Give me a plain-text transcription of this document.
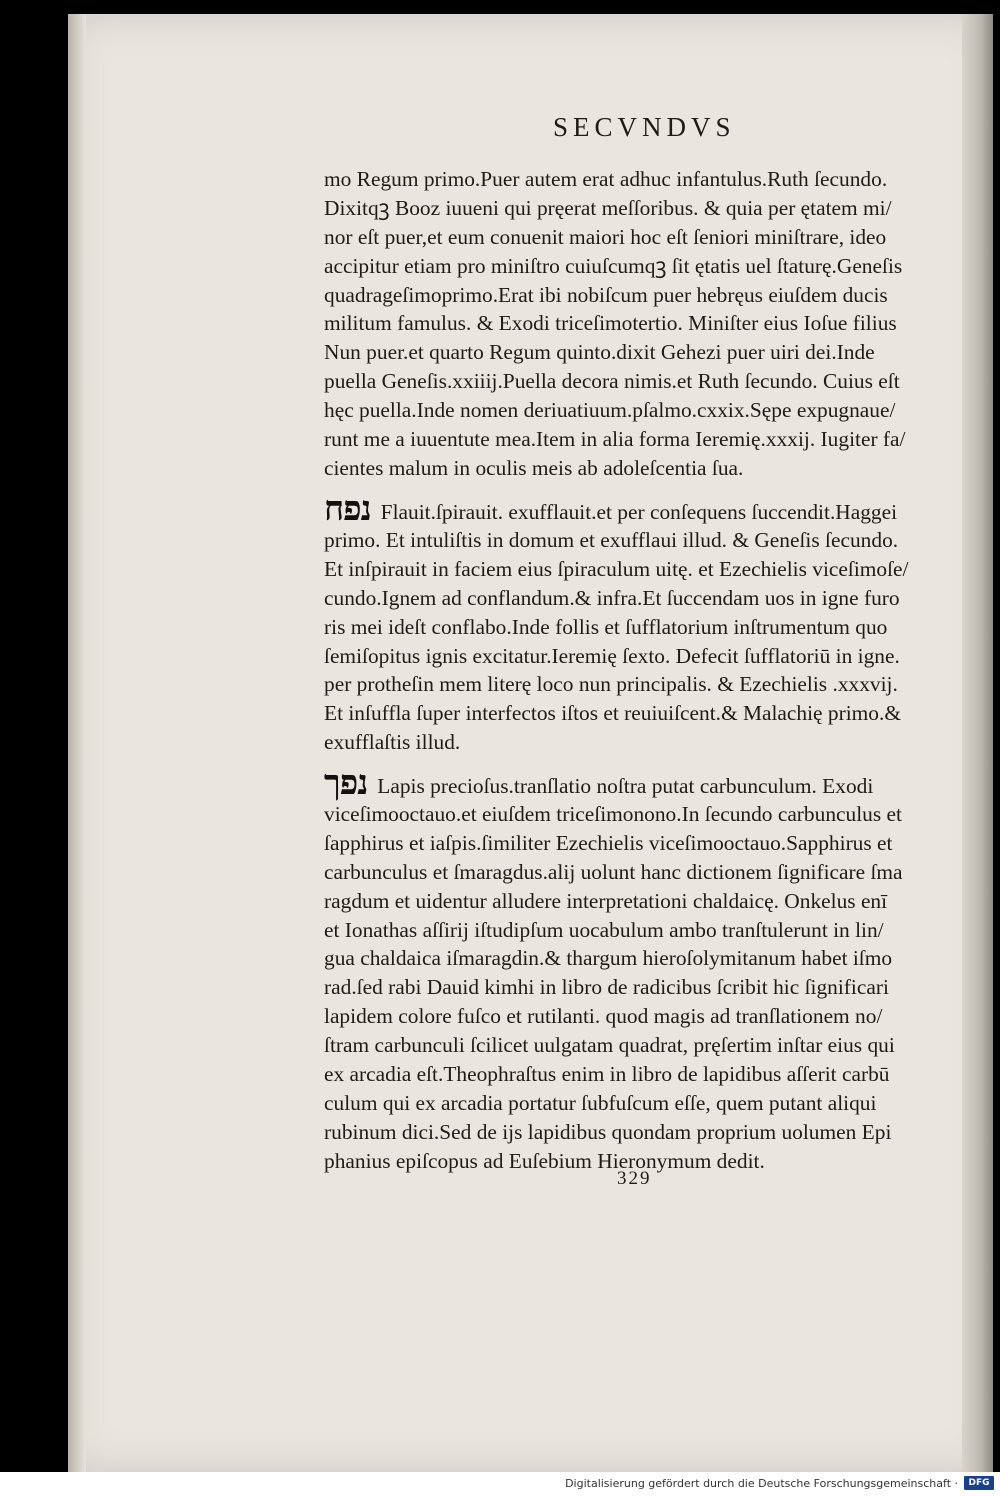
SECVNDVS
mo Regum primo.Puer autem erat adhuc infantulus.Ruth ſecundo.
Dixitqꝫ Booz iuueni qui pręerat meſſoribus. & quia per ętatem mi/
nor eſt puer,et eum conuenit maiori hoc eſt ſeniori miniſtrare, ideo
accipitur etiam pro miniſtro cuiuſcumqꝫ ſit ętatis uel ſtaturę.Geneſis
quadrageſimoprimo.Erat ibi nobiſcum puer hebręus eiuſdem ducis
militum famulus. & Exodi triceſimotertio. Miniſter eius Ioſue filius
Nun puer.et quarto Regum quinto.dixit Gehezi puer uiri dei.Inde
puella Geneſis.xxiiij.Puella decora nimis.et Ruth ſecundo. Cuius eſt
hęc puella.Inde nomen deriuatiuum.pſalmo.cxxix.Sępe expugnaue/
runt me a iuuentute mea.Item in alia forma Ieremię.xxxij. Iugiter fa/
cientes malum in oculis meis ab adoleſcentia ſua.
נפח Flauit.ſpirauit. exufflauit.et per conſequens ſuccendit.Haggei
primo. Et intuliſtis in domum et exufflaui illud. & Geneſis ſecundo.
Et inſpirauit in faciem eius ſpiraculum uitę. et Ezechielis viceſimoſe/
cundo.Ignem ad conflandum.& infra.Et ſuccendam uos in igne furo
ris mei ideſt conflabo.Inde follis et ſufflatorium inſtrumentum quo
ſemiſopitus ignis excitatur.Ieremię ſexto. Defecit ſufflatoriū in igne.
per protheſin mem literę loco nun principalis. & Ezechielis .xxxvij.
Et inſuffla ſuper interfectos iſtos et reuiuiſcent.& Malachię primo.&
exufflaſtis illud.
נפך Lapis precioſus.tranſlatio noſtra putat carbunculum. Exodi
viceſimooctauo.et eiuſdem triceſimonono.In ſecundo carbunculus et
ſapphirus et iaſpis.ſimiliter Ezechielis viceſimooctauo.Sapphirus et
carbunculus et ſmaragdus.alij uolunt hanc dictionem ſignificare ſma
ragdum et uidentur alludere interpretationi chaldaicę. Onkelus enī
et Ionathas aſſirij iſtudipſum uocabulum ambo tranſtulerunt in lin/
gua chaldaica iſmaragdin.& thargum hieroſolymitanum habet iſmo
rad.ſed rabi Dauid kimhi in libro de radicibus ſcribit hic ſignificari
lapidem colore fuſco et rutilanti. quod magis ad tranſlationem no/
ſtram carbunculi ſcilicet uulgatam quadrat, pręſertim inſtar eius qui
ex arcadia eſt.Theophraſtus enim in libro de lapidibus aſſerit carbū
culum qui ex arcadia portatur ſubfuſcum eſſe, quem putant aliqui
rubinum dici.Sed de ijs lapidibus quondam proprium uolumen Epi
phanius epiſcopus ad Euſebium Hieronymum dedit.
329
Digitalisierung gefördert durch die Deutsche Forschungsgemeinschaft ·	DFG
